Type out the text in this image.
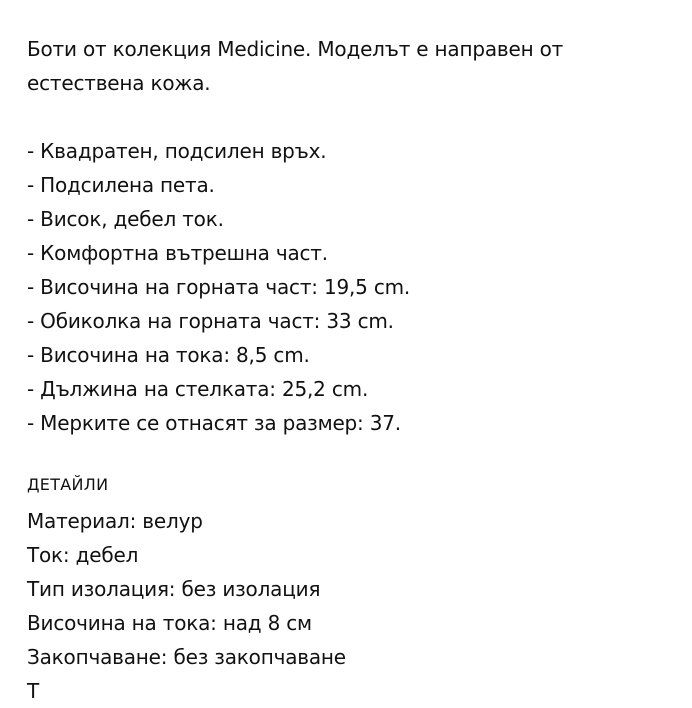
Боти от колекция Medicine. Моделът е направен от естествена кожа.

- Квадратен, подсилен връх.
- Подсилена пета.
- Висок, дебел ток.
- Комфортна вътрешна част.
- Височина на горната част: 19,5 cm.
- Обиколка на горната част: 33 cm.
- Височина на тока: 8,5 cm.
- Дължина на стелката: 25,2 cm.
- Мерките се отнасят за размер: 37.
ДЕТАЙЛИ
Материал: велур
Ток: дебел
Тип изолация: без изолация
Височина на тока: над 8 см
Закопчаване: без закопчаване
Т
